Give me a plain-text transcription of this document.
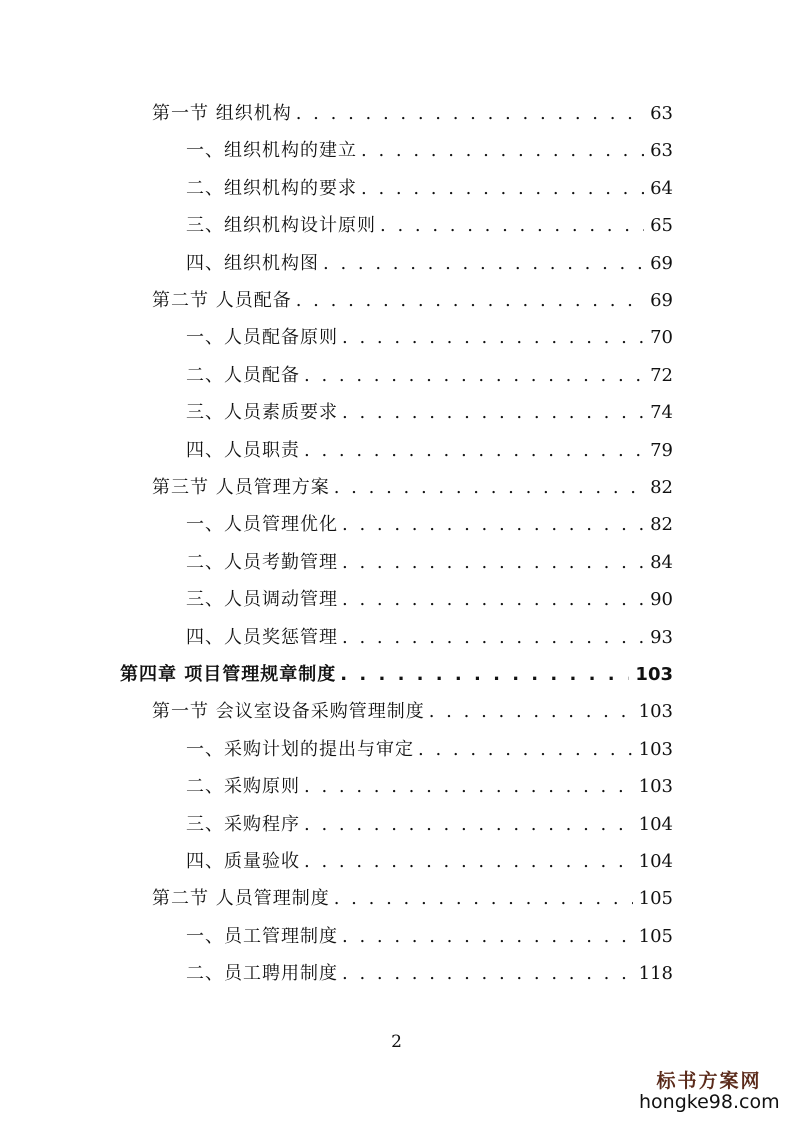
第一节 组织机构 . . .	63
一、组织机构的建立 . . .	63
二、组织机构的要求 . . .	64
三、组织机构设计原则 . . .	65
四、组织机构图 . . .	69
第二节 人员配备 . . .	69
一、人员配备原则 . . .	70
二、人员配备 . . .	72
三、人员素质要求 . . .	74
四、人员职责 . . .	79
第三节 人员管理方案 . . .	82
一、人员管理优化 . . .	82
二、人员考勤管理 . . .	84
三、人员调动管理 . . .	90
四、人员奖惩管理 . . .	93
第四章 项目管理规章制度 . . .	103
第一节 会议室设备采购管理制度 . . .	103
一、采购计划的提出与审定 . . .	103
二、采购原则 . . .	103
三、采购程序 . . .	104
四、质量验收 . . .	104
第二节 人员管理制度 . . .	105
一、员工管理制度 . . .	105
二、员工聘用制度 . . .	118
2
标书方案网
hongke98.com
